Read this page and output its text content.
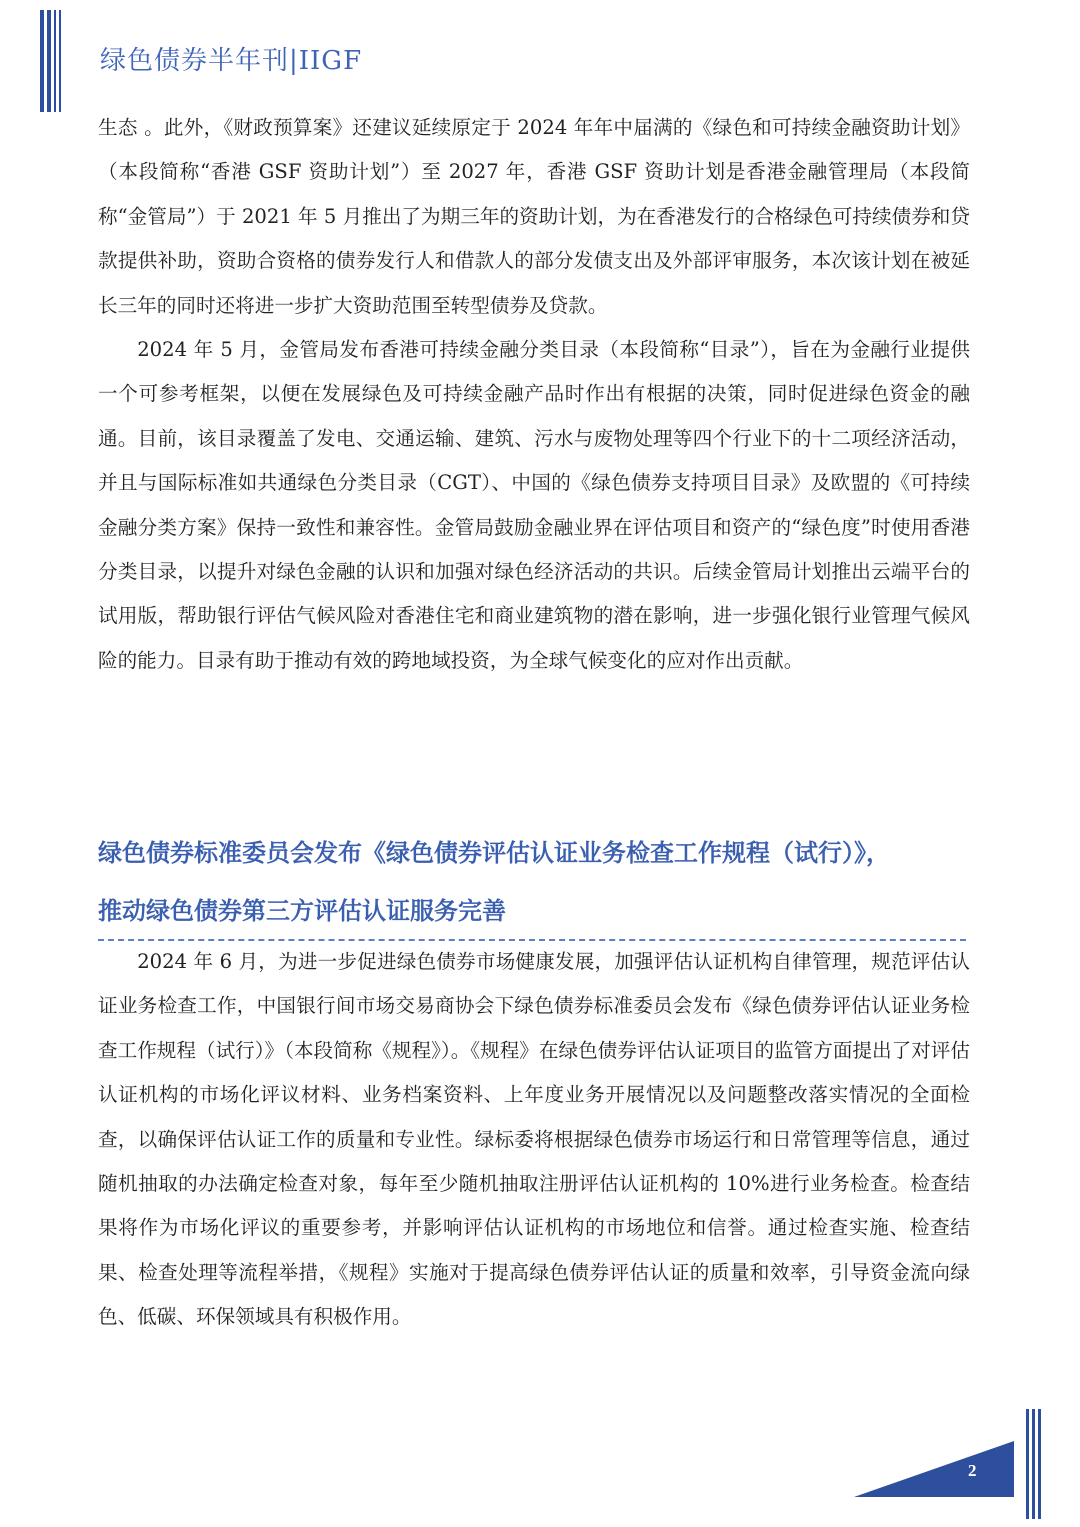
绿色债券半年刊|IIGF

生态 。此外，《财政预算案》还建议延续原定于 2024 年年中届满的《绿色和可持续金融资助计划》（本段简称“香港 GSF 资助计划”）至 2027 年，香港 GSF 资助计划是香港金融管理局（本段简称“金管局”）于 2021 年 5 月推出了为期三年的资助计划，为在香港发行的合格绿色可持续债券和贷款提供补助，资助合资格的债券发行人和借款人的部分发债支出及外部评审服务，本次该计划在被延长三年的同时还将进一步扩大资助范围至转型债券及贷款。

2024 年 5 月，金管局发布香港可持续金融分类目录（本段简称“目录”），旨在为金融行业提供一个可参考框架，以便在发展绿色及可持续金融产品时作出有根据的决策，同时促进绿色资金的融通。目前，该目录覆盖了发电、交通运输、建筑、污水与废物处理等四个行业下的十二项经济活动，并且与国际标准如共通绿色分类目录（CGT）、中国的《绿色债券支持项目目录》及欧盟的《可持续金融分类方案》保持一致性和兼容性。金管局鼓励金融业界在评估项目和资产的“绿色度”时使用香港分类目录，以提升对绿色金融的认识和加强对绿色经济活动的共识。后续金管局计划推出云端平台的试用版，帮助银行评估气候风险对香港住宅和商业建筑物的潜在影响，进一步强化银行业管理气候风险的能力。目录有助于推动有效的跨地域投资，为全球气候变化的应对作出贡献。

绿色债券标准委员会发布《绿色债券评估认证业务检查工作规程（试行）》，
推动绿色债券第三方评估认证服务完善

2024 年 6 月，为进一步促进绿色债券市场健康发展，加强评估认证机构自律管理，规范评估认证业务检查工作，中国银行间市场交易商协会下绿色债券标准委员会发布《绿色债券评估认证业务检查工作规程（试行）》（本段简称《规程》）。《规程》在绿色债券评估认证项目的监管方面提出了对评估认证机构的市场化评议材料、业务档案资料、上年度业务开展情况以及问题整改落实情况的全面检查，以确保评估认证工作的质量和专业性。绿标委将根据绿色债券市场运行和日常管理等信息，通过随机抽取的办法确定检查对象，每年至少随机抽取注册评估认证机构的 10%进行业务检查。检查结果将作为市场化评议的重要参考，并影响评估认证机构的市场地位和信誉。通过检查实施、检查结果、检查处理等流程举措，《规程》实施对于提高绿色债券评估认证的质量和效率，引导资金流向绿色、低碳、环保领域具有积极作用。

2
